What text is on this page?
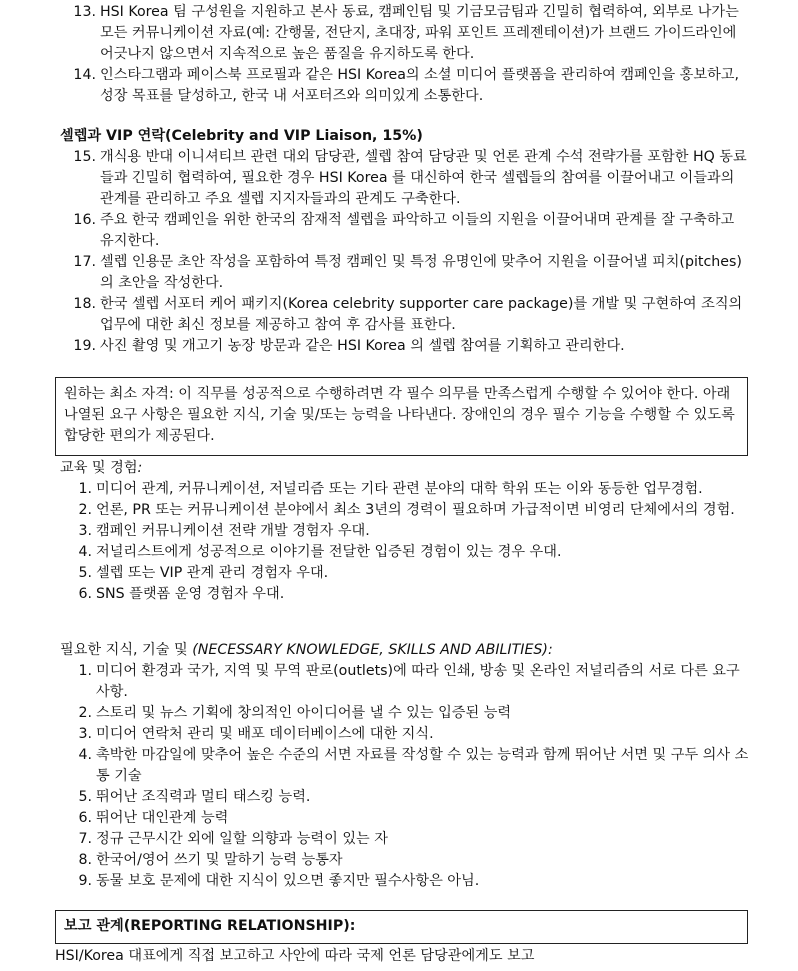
13. HSI Korea 팀 구성원을 지원하고 본사 동료, 캠페인팀 및 기금모금팀과 긴밀히 협력하여, 외부로 나가는 모든 커뮤니케이션 자료(예: 간행물, 전단지, 초대장, 파워 포인트 프레젠테이션)가 브랜드 가이드라인에 어긋나지 않으면서 지속적으로 높은 품질을 유지하도록 한다.
14. 인스타그램과 페이스북 프로필과 같은 HSI Korea의 소셜 미디어 플랫폼을 관리하여 캠페인을 홍보하고, 성장 목표를 달성하고, 한국 내 서포터즈와 의미있게 소통한다.
셀렙과 VIP 연락(Celebrity and VIP Liaison, 15%)
15. 개식용 반대 이니셔티브 관련 대외 담당관, 셀렙 참여 담당관 및 언론 관계 수석 전략가를 포함한 HQ 동료들과 긴밀히 협력하여, 필요한 경우 HSI Korea 를 대신하여 한국 셀렙들의 참여를 이끌어내고 이들과의 관계를 관리하고 주요 셀렙 지지자들과의 관계도 구축한다.
16. 주요 한국 캠페인을 위한 한국의 잠재적 셀렙을 파악하고 이들의 지원을 이끌어내며 관계를 잘 구축하고 유지한다.
17. 셀렙 인용문 초안 작성을 포함하여 특정 캠페인 및 특정 유명인에 맞추어 지원을 이끌어낼 피치(pitches)의 초안을 작성한다.
18. 한국 셀렙 서포터 케어 패키지(Korea celebrity supporter care package)를 개발 및 구현하여 조직의 업무에 대한 최신 정보를 제공하고 참여 후 감사를 표한다.
19. 사진 촬영 및 개고기 농장 방문과 같은 HSI Korea 의 셀렙 참여를 기획하고 관리한다.
원하는 최소 자격: 이 직무를 성공적으로 수행하려면 각 필수 의무를 만족스럽게 수행할 수 있어야 한다. 아래 나열된 요구 사항은 필요한 지식, 기술 및/또는 능력을 나타낸다. 장애인의 경우 필수 기능을 수행할 수 있도록 합당한 편의가 제공된다.
교육 및 경험:
1. 미디어 관계, 커뮤니케이션, 저널리즘 또는 기타 관련 분야의 대학 학위 또는 이와 동등한 업무경험.
2. 언론, PR 또는 커뮤니케이션 분야에서 최소 3년의 경력이 필요하며 가급적이면 비영리 단체에서의 경험.
3. 캠페인 커뮤니케이션 전략 개발 경험자 우대.
4. 저널리스트에게 성공적으로 이야기를 전달한 입증된 경험이 있는 경우 우대.
5. 셀렙 또는 VIP 관계 관리 경험자 우대.
6. SNS 플랫폼 운영 경험자 우대.
필요한 지식, 기술 및 (NECESSARY KNOWLEDGE, SKILLS AND ABILITIES):
1. 미디어 환경과 국가, 지역 및 무역 판로(outlets)에 따라 인쇄, 방송 및 온라인 저널리즘의 서로 다른 요구 사항.
2. 스토리 및 뉴스 기획에 창의적인 아이디어를 낼 수 있는 입증된 능력
3. 미디어 연락처 관리 및 배포 데이터베이스에 대한 지식.
4. 촉박한 마감일에 맞추어 높은 수준의 서면 자료를 작성할 수 있는 능력과 함께 뛰어난 서면 및 구두 의사 소통 기술
5. 뛰어난 조직력과 멀티 태스킹 능력.
6. 뛰어난 대인관계 능력
7. 정규 근무시간 외에 일할 의향과 능력이 있는 자
8. 한국어/영어 쓰기 및 말하기 능력 능통자
9. 동물 보호 문제에 대한 지식이 있으면 좋지만 필수사항은 아님.
보고 관계(REPORTING RELATIONSHIP):
HSI/Korea 대표에게 직접 보고하고 사안에 따라 국제 언론 담당관에게도 보고
